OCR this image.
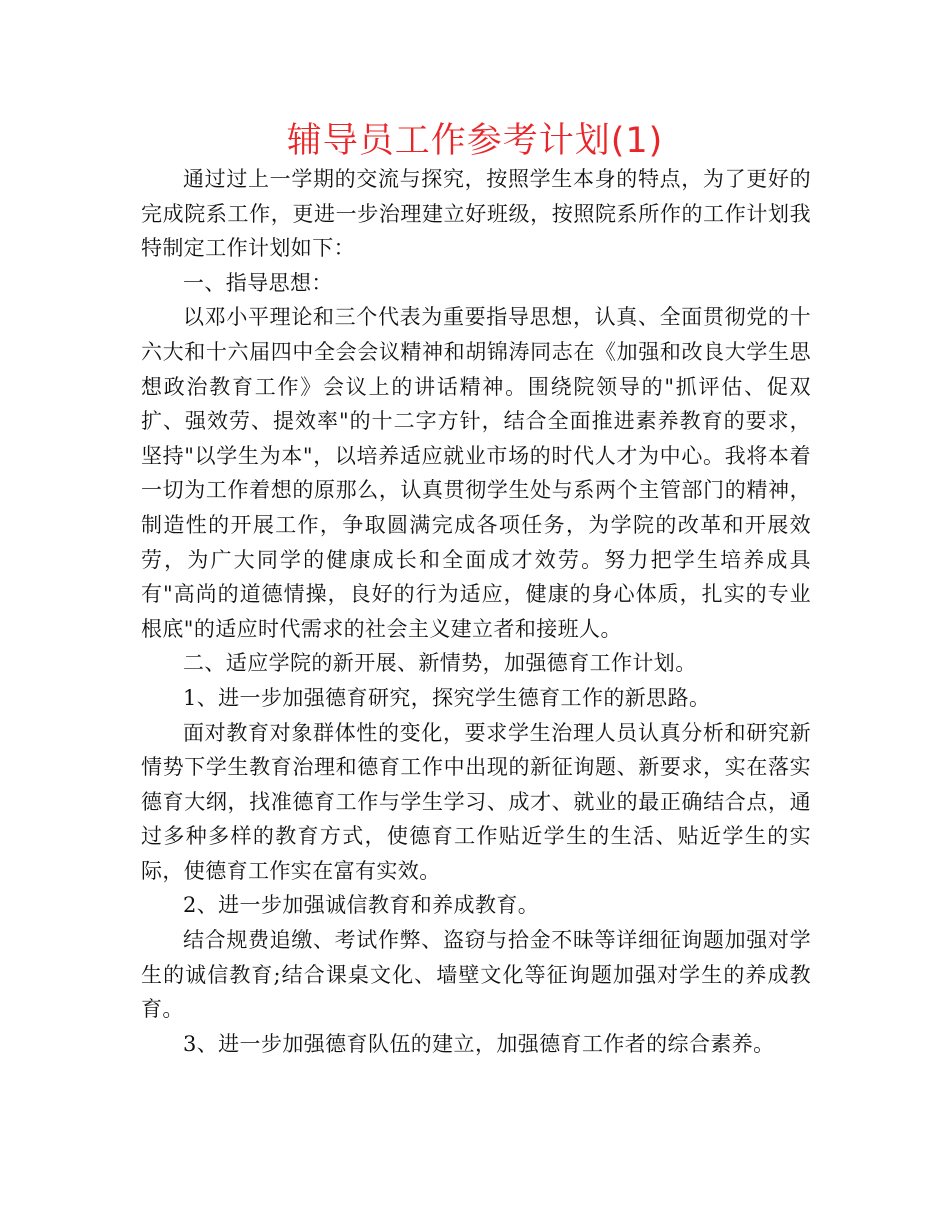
辅导员工作参考计划(1)

通过过上一学期的交流与探究，按照学生本身的特点，为了更好的完成院系工作，更进一步治理建立好班级，按照院系所作的工作计划我特制定工作计划如下：

一、指导思想：

以邓小平理论和三个代表为重要指导思想，认真、全面贯彻党的十六大和十六届四中全会会议精神和胡锦涛同志在《加强和改良大学生思想政治教育工作》会议上的讲话精神。围绕院领导的"抓评估、促双扩、强效劳、提效率"的十二字方针，结合全面推进素养教育的要求，坚持"以学生为本"，以培养适应就业市场的时代人才为中心。我将本着一切为工作着想的原那么，认真贯彻学生处与系两个主管部门的精神，制造性的开展工作，争取圆满完成各项任务，为学院的改革和开展效劳，为广大同学的健康成长和全面成才效劳。努力把学生培养成具有"高尚的道德情操，良好的行为适应，健康的身心体质，扎实的专业根底"的适应时代需求的社会主义建立者和接班人。

二、适应学院的新开展、新情势，加强德育工作计划。

1、进一步加强德育研究，探究学生德育工作的新思路。

面对教育对象群体性的变化，要求学生治理人员认真分析和研究新情势下学生教育治理和德育工作中出现的新征询题、新要求，实在落实德育大纲，找准德育工作与学生学习、成才、就业的最正确结合点，通过多种多样的教育方式，使德育工作贴近学生的生活、贴近学生的实际，使德育工作实在富有实效。

2、进一步加强诚信教育和养成教育。

结合规费追缴、考试作弊、盗窃与拾金不昧等详细征询题加强对学生的诚信教育;结合课桌文化、墙壁文化等征询题加强对学生的养成教育。

3、进一步加强德育队伍的建立，加强德育工作者的综合素养。
